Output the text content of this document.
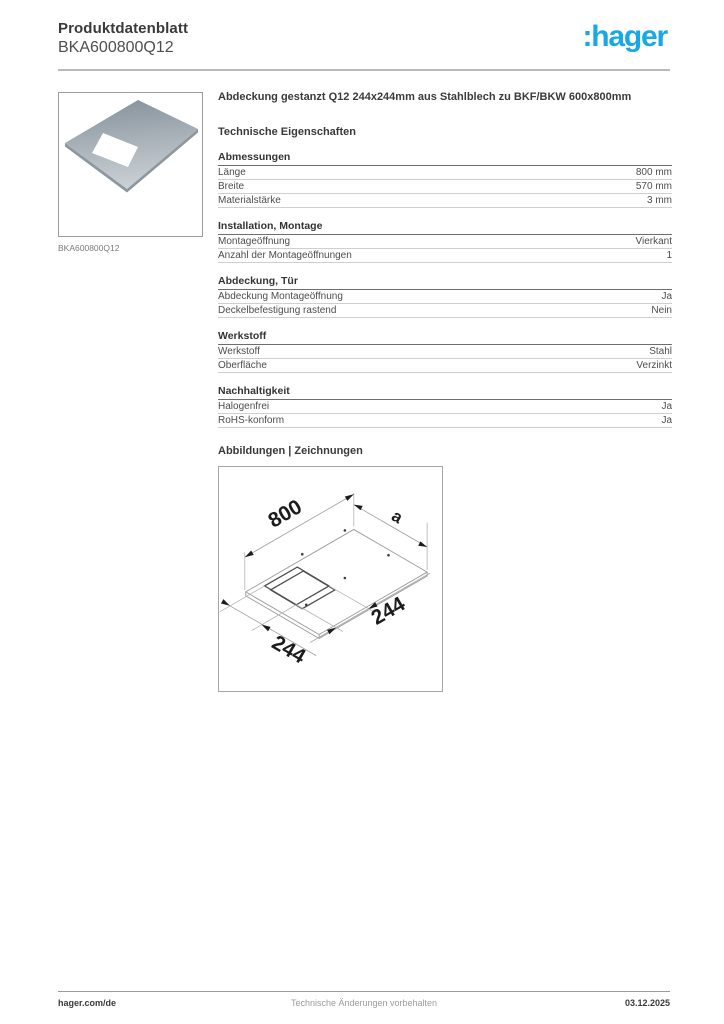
Produktdatenblatt
BKA600800Q12	:hager
BKA600800Q12
Abdeckung gestanzt Q12 244x244mm aus Stahlblech zu BKF/BKW 600x800mm
Technische Eigenschaften
Abmessungen
Länge	800 mm
Breite	570 mm
Materialstärke	3 mm
Installation, Montage
Montageöffnung	Vierkant
Anzahl der Montageöffnungen	1
Abdeckung, Tür
Abdeckung Montageöffnung	Ja
Deckelbefestigung rastend	Nein
Werkstoff
Werkstoff	Stahl
Oberfläche	Verzinkt
Nachhaltigkeit
Halogenfrei	Ja
RoHS-konform	Ja
Abbildungen | Zeichnungen
800	a
244
244
hager.com/de	Technische Änderungen vorbehalten	03.12.2025
